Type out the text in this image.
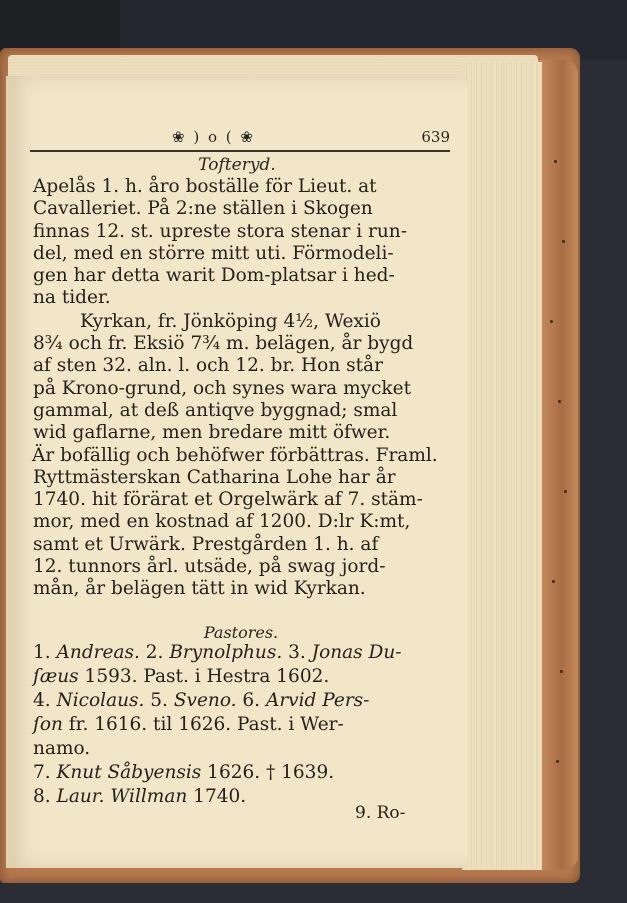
❀ ) o ( ❀	639
Tofteryd.
Apelås 1. h. åro boställe för Lieut. at
Cavalleriet. På 2:ne ställen i Skogen
finnas 12. st. upreste stora stenar i run-
del, med en större mitt uti. Förmodeli-
gen har detta warit Dom-platsar i hed-
na tider.
Kyrkan, fr. Jönköping 4½, Wexiö
8¾ och fr. Eksiö 7¾ m. belägen, år bygd
af sten 32. aln. l. och 12. br. Hon står
på Krono-grund, och synes wara mycket
gammal, at deß antiqve byggnad; smal
wid gaflarne, men bredare mitt öfwer.
Är bofällig och behöfwer förbättras. Framl.
Ryttmästerskan Catharina Lohe har år
1740. hit förärat et Orgelwärk af 7. stäm-
mor, med en kostnad af 1200. D:lr K:mt,
samt et Urwärk. Prestgården 1. h. af
12. tunnors årl. utsäde, på swag jord-
mån, år belägen tätt in wid Kyrkan.
Pastores.
1. Andreas. 2. Brynolphus. 3. Jonas Du-
ſæus 1593. Past. i Hestra 1602.
4. Nicolaus. 5. Sveno. 6. Arvid Pers-
ſon fr. 1616. til 1626. Past. i Wer-
namo.
7. Knut Såbyensis 1626. † 1639.
8. Laur. Willman 1740.
9. Ro-
